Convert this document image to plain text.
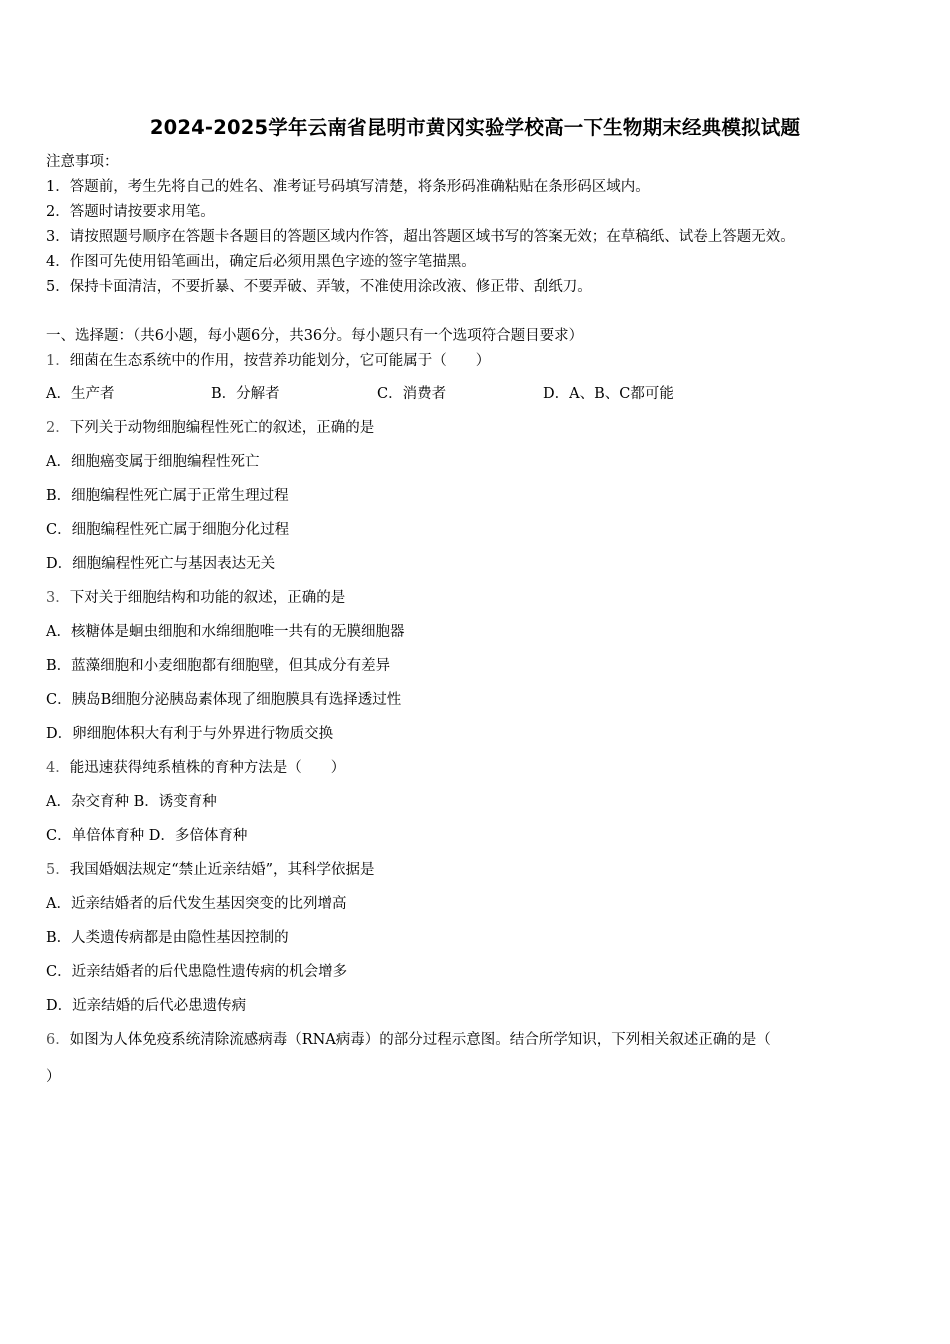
2024-2025学年云南省昆明市黄冈实验学校高一下生物期末经典模拟试题
注意事项：
1．答题前，考生先将自己的姓名、准考证号码填写清楚，将条形码准确粘贴在条形码区域内。
2．答题时请按要求用笔。
3．请按照题号顺序在答题卡各题目的答题区域内作答，超出答题区域书写的答案无效；在草稿纸、试卷上答题无效。
4．作图可先使用铅笔画出，确定后必须用黑色字迹的签字笔描黑。
5．保持卡面清洁，不要折暴、不要弄破、弄皱，不准使用涂改液、修正带、刮纸刀。
一、选择题：（共6小题，每小题6分，共36分。每小题只有一个选项符合题目要求）
1．细菌在生态系统中的作用，按营养功能划分，它可能属于（　　）
A．生产者	B．分解者	C．消费者	D．A、B、C都可能
2．下列关于动物细胞编程性死亡的叙述，正确的是
A．细胞癌变属于细胞编程性死亡
B．细胞编程性死亡属于正常生理过程
C．细胞编程性死亡属于细胞分化过程
D．细胞编程性死亡与基因表达无关
3．下对关于细胞结构和功能的叙述，正确的是
A．核糖体是蛔虫细胞和水绵细胞唯一共有的无膜细胞器
B．蓝藻细胞和小麦细胞都有细胞壁，但其成分有差异
C．胰岛B细胞分泌胰岛素体现了细胞膜具有选择透过性
D．卵细胞体积大有利于与外界进行物质交换
4．能迅速获得纯系植株的育种方法是（　　）
A．杂交育种 B．诱变育种
C．单倍体育种 D．多倍体育种
5．我国婚姻法规定“禁止近亲结婚”，其科学依据是
A．近亲结婚者的后代发生基因突变的比列增高
B．人类遗传病都是由隐性基因控制的
C．近亲结婚者的后代患隐性遗传病的机会增多
D．近亲结婚的后代必患遗传病
6．如图为人体免疫系统清除流感病毒（RNA病毒）的部分过程示意图。结合所学知识，下列相关叙述正确的是（
）
